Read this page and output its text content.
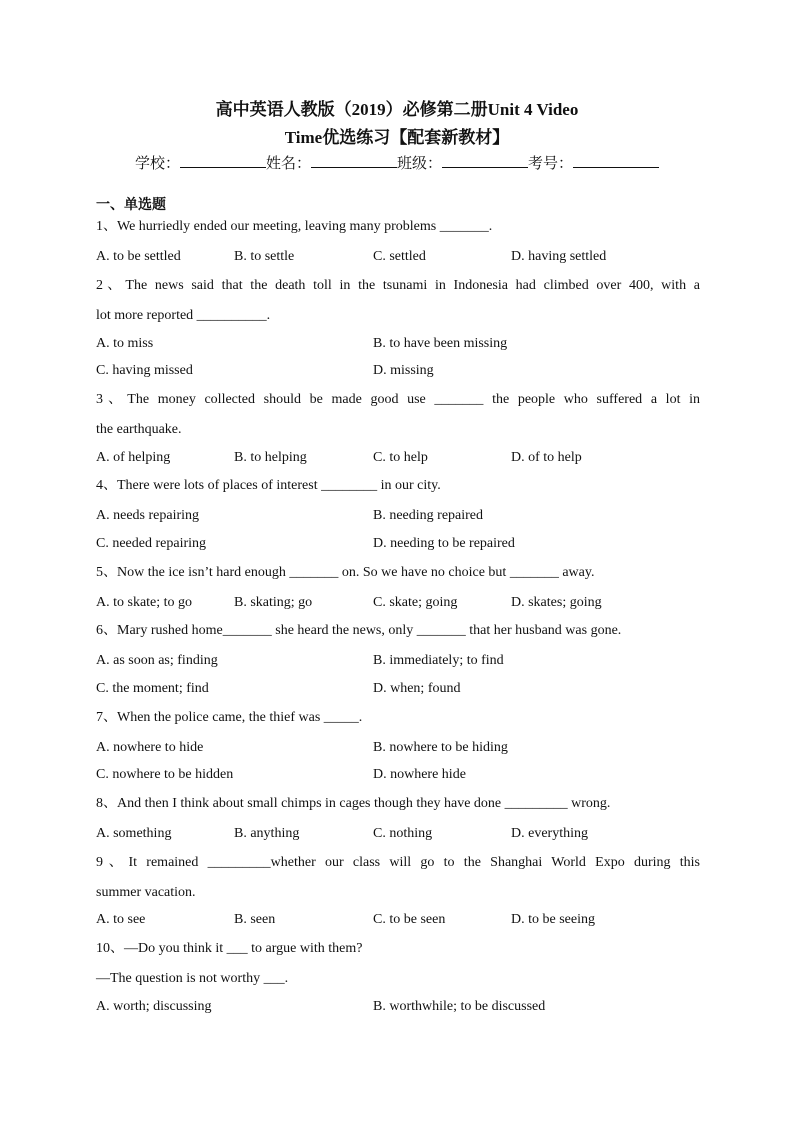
高中英语人教版（2019）必修第二册Unit 4 Video
Time优选练习【配套新教材】
学校：	姓名：	班级：	考号：
一、单选题
1、We hurriedly ended our meeting, leaving many problems _______.
A. to be settled	B. to settle	C. settled	D. having settled
2、The news said that the death toll in the tsunami in Indonesia had climbed over 400, with a
lot more reported __________.
A. to miss	B. to have been missing
C. having missed	D. missing
3、The money collected should be made good use _______ the people who suffered a lot in
the earthquake.
A. of helping	B. to helping	C. to help	D. of to help
4、There were lots of places of interest ________ in our city.
A. needs repairing	B. needing repaired
C. needed repairing	D. needing to be repaired
5、Now the ice isn’t hard enough _______ on. So we have no choice but _______ away.
A. to skate; to go	B. skating; go	C. skate; going	D. skates; going
6、Mary rushed home_______ she heard the news, only _______ that her husband was gone.
A. as soon as; finding	B. immediately; to find
C. the moment; find	D. when; found
7、When the police came, the thief was _____.
A. nowhere to hide	B. nowhere to be hiding
C. nowhere to be hidden	D. nowhere hide
8、And then I think about small chimps in cages though they have done _________ wrong.
A. something	B. anything	C. nothing	D. everything
9、It remained _________whether our class will go to the Shanghai World Expo during this
summer vacation.
A. to see	B. seen	C. to be seen	D. to be seeing
10、—Do you think it ___ to argue with them?
—The question is not worthy ___.
A. worth; discussing	B. worthwhile; to be discussed
